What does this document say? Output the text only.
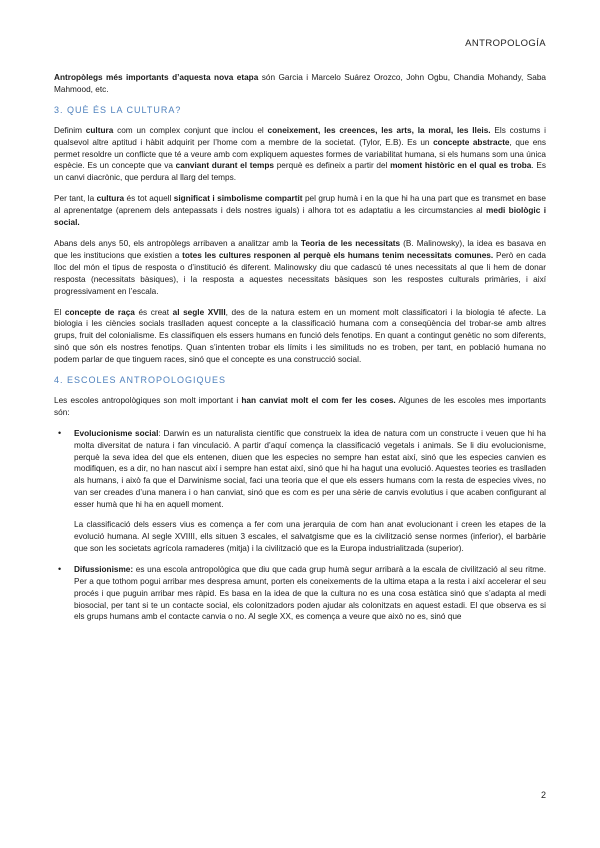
ANTROPOLOGÍA

Antropòlegs més importants d’aquesta nova etapa són Garcia i Marcelo Suárez Orozco, John Ogbu, Chandia Mohandy, Saba Mahmood, etc.

3. QUÈ ÉS LA CULTURA?

Definim cultura com un complex conjunt que inclou el coneixement, les creences, les arts, la moral, les lleis. Els costums i qualsevol altre aptitud i hàbit adquirit per l’home com a membre de la societat. (Tylor, E.B). Es un concepte abstracte, que ens permet resoldre un conflicte que té a veure amb com expliquem aquestes formes de variabilitat humana, si els humans som una única espècie. Es un concepte que va canviant durant el temps perquè es defineix a partir del moment històric en el qual es troba. Es un canvi diacrònic, que perdura al llarg del temps.

Per tant, la cultura és tot aquell significat i simbolisme compartit pel grup humà i en la que hi ha una part que es transmet en base al aprenentatge (aprenem dels antepassats i dels nostres iguals) i alhora tot es adaptatiu a les circumstancies al medi biològic i social.

Abans dels anys 50, els antropòlegs arribaven a analitzar amb la Teoria de les necessitats (B. Malinowsky), la idea es basava en que les institucions que existien a totes les cultures responen al perquè els humans tenim necessitats comunes. Però en cada lloc del món el tipus de resposta o d’institució és diferent. Malinowsky diu que cadascú té unes necessitats al que li hem de donar resposta (necessitats bàsiques), i la resposta a aquestes necessitats bàsiques son les respostes culturals primàries, i així progressivament en l’escala.

El concepte de raça és creat al segle XVIII, des de la natura estem en un moment molt classificatori i la biologia té afecte. La biologia i les ciències socials traslladen aquest concepte a la classificació humana com a conseqüència del trobar-se amb altres grups, fruit del colonialisme. Es classifiquen els essers humans en funció dels fenotips. En quant a contingut genètic no som diferents, sinó que són els nostres fenotips. Quan s’intenten trobar els límits i les similituds no es troben, per tant, en població humana no podem parlar de que tinguem races, sinó que el concepte es una construcció social.

4. ESCOLES ANTROPOLOGIQUES

Les escoles antropològiques son molt important i han canviat molt el com fer les coses. Algunes de les escoles mes importants són:

• Evolucionisme social: Darwin es un naturalista científic que construeix la idea de natura com un constructe i veuen que hi ha molta diversitat de natura i fan vinculació. A partir d’aquí comença la classificació vegetals i animals. Se li diu evolucionisme, perquè la seva idea del que els entenen, diuen que les especies no sempre han estat així, sinó que les especies canvien es modifiquen, es a dir, no han nascut així i sempre han estat així, sinó que hi ha hagut una evolució. Aquestes teories es traslladen als humans, i això fa que el Darwinisme social, faci una teoria que el que els essers humans com la resta de especies vives, no van ser creades d’una manera i o han canviat, sinó que es com es per una sèrie de canvis evolutius i que acaben configurant al esser humà que hi ha en aquell moment.

La classificació dels essers vius es comença a fer com una jerarquia de com han anat evolucionant i creen les etapes de la evolució humana. Al segle XVIIII, ells situen 3 escales, el salvatgisme que es la civilització sense normes (inferior), el barbàrie que son les societats agrícola ramaderes (mitja) i la civilització que es la Europa industrialitzada (superior).

• Difussionisme: es una escola antropològica que diu que cada grup humà segur arribarà a la escala de civilització al seu ritme. Per a que tothom pogui arribar mes despresa amunt, porten els coneixements de la ultima etapa a la resta i així accelerar el seu procés i que puguin arribar mes ràpid. Es basa en la idea de que la cultura no es una cosa estàtica sinó que s’adapta al medi biosocial, per tant si te un contacte social, els colonitzadors poden ajudar als colonitzats en aquest estadi. El que observa es si els grups humans amb el contacte canvia o no. Al segle XX, es comença a veure que això no es, sinó que

2
